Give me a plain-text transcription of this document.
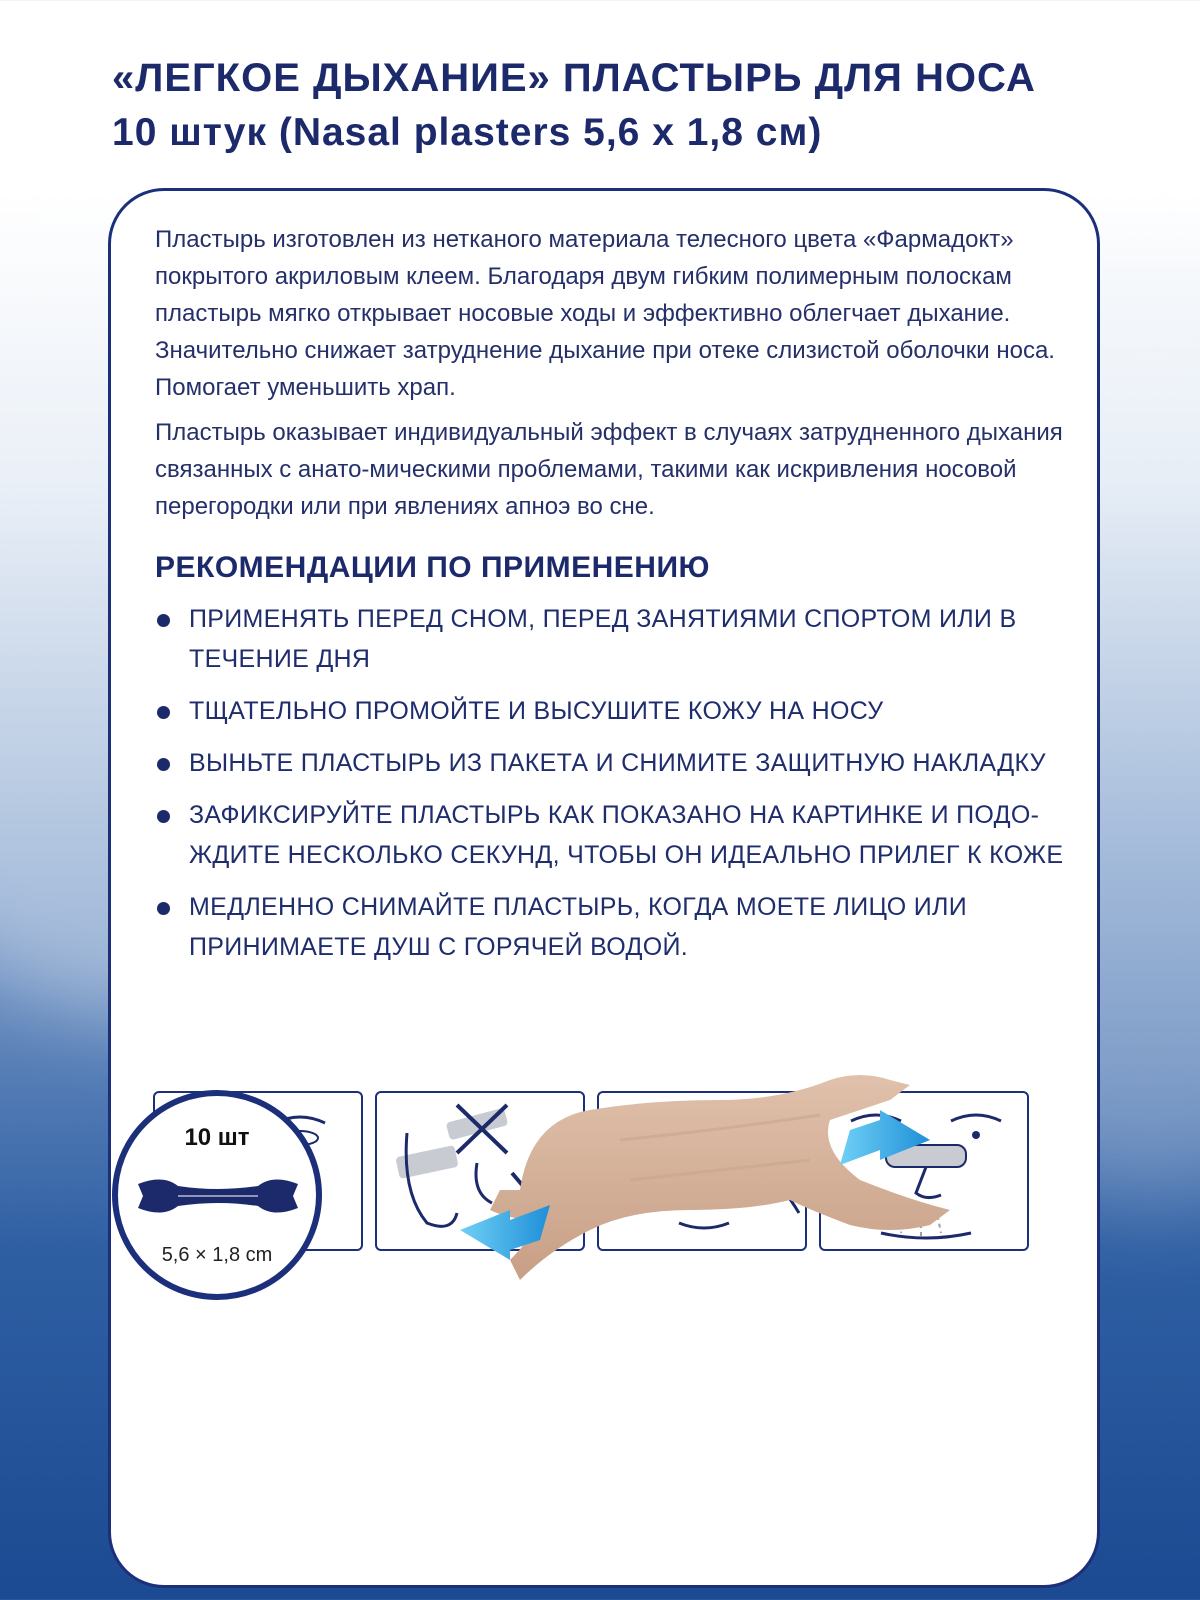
«ЛЕГКОЕ ДЫХАНИЕ» ПЛАСТЫРЬ ДЛЯ НОСА
10 штук (Nasal plasters 5,6 х 1,8 см)

Пластырь изготовлен из нетканого материала телесного цвета «Фармадокт» покрытого акриловым клеем. Благодаря двум гибким полимерным полоскам пластырь мягко открывает носовые ходы и эффективно облегчает дыхание. Значительно снижает затруднение дыхание при отеке слизистой оболочки носа. Помогает уменьшить храп.

Пластырь оказывает индивидуальный эффект в случаях затрудненного дыхания связанных с анато-мическими проблемами, такими как искривления носовой перегородки или при явлениях апноэ во сне.

РЕКОМЕНДАЦИИ ПО ПРИМЕНЕНИЮ
ПРИМЕНЯТЬ ПЕРЕД СНОМ, ПЕРЕД ЗАНЯТИЯМИ СПОРТОМ ИЛИ В ТЕЧЕНИЕ ДНЯ
ТЩАТЕЛЬНО ПРОМОЙТЕ И ВЫСУШИТЕ КОЖУ НА НОСУ
ВЫНЬТЕ ПЛАСТЫРЬ ИЗ ПАКЕТА И СНИМИТЕ ЗАЩИТНУЮ НАКЛАДКУ
ЗАФИКСИРУЙТЕ ПЛАСТЫРЬ КАК ПОКАЗАНО НА КАРТИНКЕ И ПОДО-ЖДИТЕ НЕСКОЛЬКО СЕКУНД, ЧТОБЫ ОН ИДЕАЛЬНО ПРИЛЕГ К КОЖЕ
МЕДЛЕННО СНИМАЙТЕ ПЛАСТЫРЬ, КОГДА МОЕТЕ ЛИЦО ИЛИ ПРИНИМАЕТЕ ДУШ С ГОРЯЧЕЙ ВОДОЙ.
10 шт
5,6 × 1,8 cm
